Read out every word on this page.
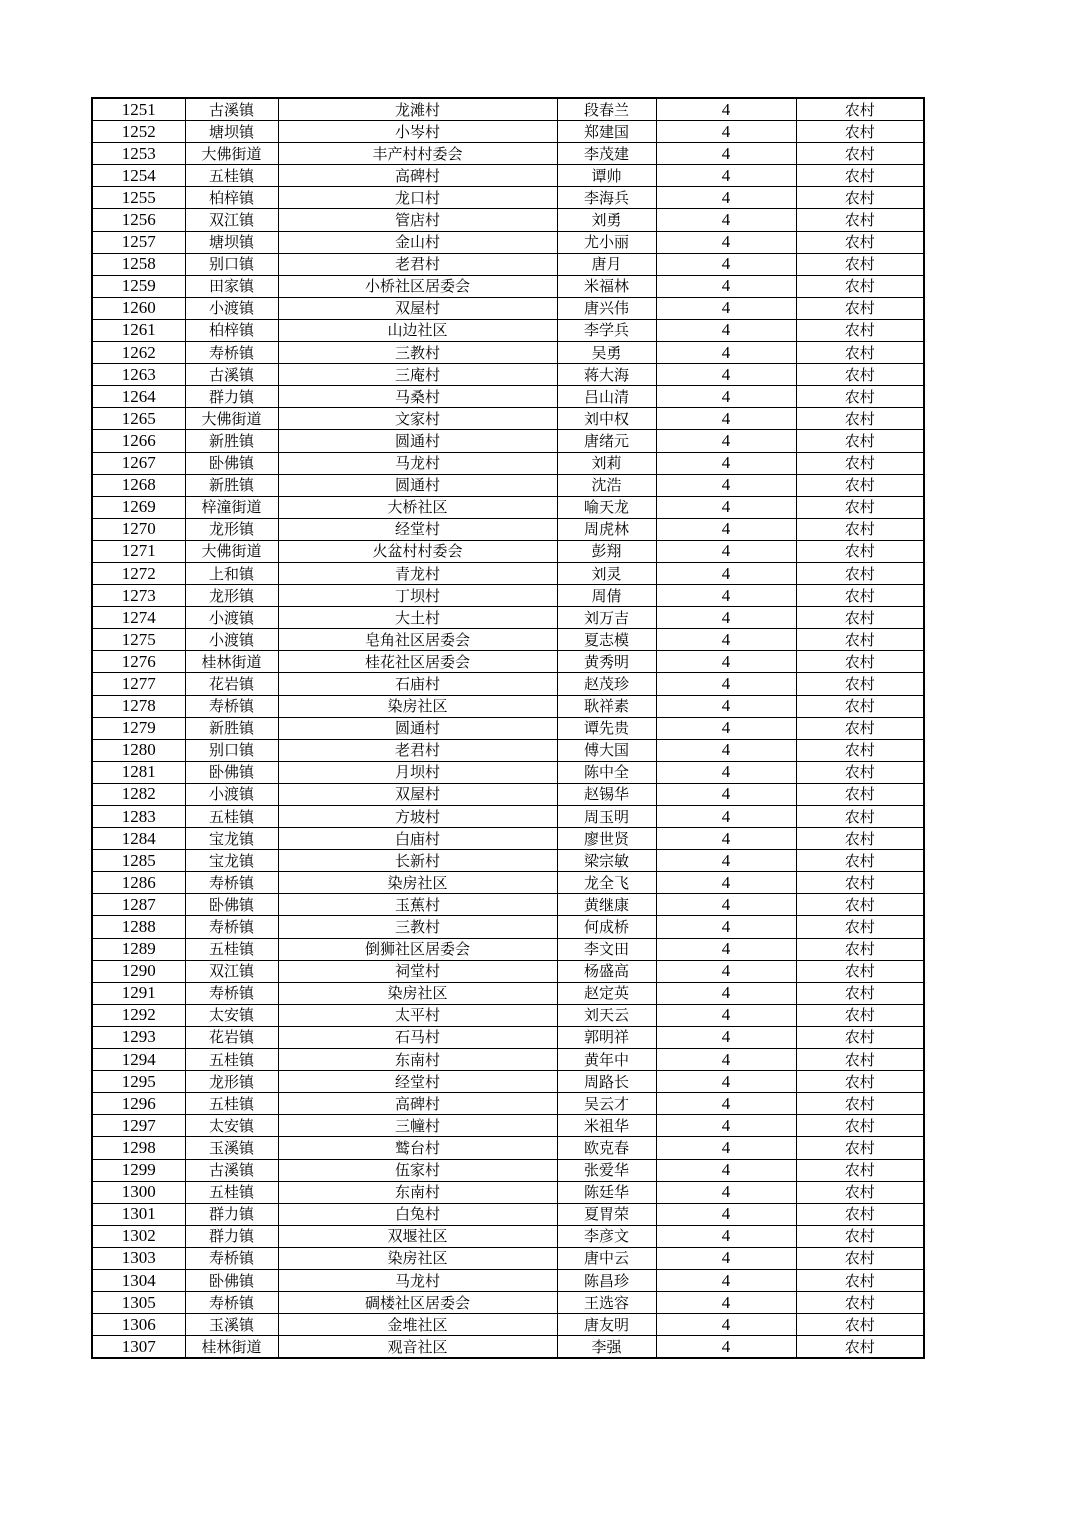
1251	古溪镇	龙滩村	段春兰	4	农村
1252	塘坝镇	小岑村	郑建国	4	农村
1253	大佛街道	丰产村村委会	李茂建	4	农村
1254	五桂镇	高碑村	谭帅	4	农村
1255	柏梓镇	龙口村	李海兵	4	农村
1256	双江镇	管店村	刘勇	4	农村
1257	塘坝镇	金山村	尤小丽	4	农村
1258	别口镇	老君村	唐月	4	农村
1259	田家镇	小桥社区居委会	米福林	4	农村
1260	小渡镇	双屋村	唐兴伟	4	农村
1261	柏梓镇	山边社区	李学兵	4	农村
1262	寿桥镇	三教村	吴勇	4	农村
1263	古溪镇	三庵村	蒋大海	4	农村
1264	群力镇	马桑村	吕山清	4	农村
1265	大佛街道	文家村	刘中权	4	农村
1266	新胜镇	圆通村	唐绪元	4	农村
1267	卧佛镇	马龙村	刘莉	4	农村
1268	新胜镇	圆通村	沈浩	4	农村
1269	梓潼街道	大桥社区	喻天龙	4	农村
1270	龙形镇	经堂村	周虎林	4	农村
1271	大佛街道	火盆村村委会	彭翔	4	农村
1272	上和镇	青龙村	刘灵	4	农村
1273	龙形镇	丁坝村	周倩	4	农村
1274	小渡镇	大土村	刘万吉	4	农村
1275	小渡镇	皂角社区居委会	夏志模	4	农村
1276	桂林街道	桂花社区居委会	黄秀明	4	农村
1277	花岩镇	石庙村	赵茂珍	4	农村
1278	寿桥镇	染房社区	耿祥素	4	农村
1279	新胜镇	圆通村	谭先贵	4	农村
1280	别口镇	老君村	傅大国	4	农村
1281	卧佛镇	月坝村	陈中全	4	农村
1282	小渡镇	双屋村	赵锡华	4	农村
1283	五桂镇	方坡村	周玉明	4	农村
1284	宝龙镇	白庙村	廖世贤	4	农村
1285	宝龙镇	长新村	梁宗敏	4	农村
1286	寿桥镇	染房社区	龙全飞	4	农村
1287	卧佛镇	玉蕉村	黄继康	4	农村
1288	寿桥镇	三教村	何成桥	4	农村
1289	五桂镇	倒狮社区居委会	李文田	4	农村
1290	双江镇	祠堂村	杨盛高	4	农村
1291	寿桥镇	染房社区	赵定英	4	农村
1292	太安镇	太平村	刘天云	4	农村
1293	花岩镇	石马村	郭明祥	4	农村
1294	五桂镇	东南村	黄年中	4	农村
1295	龙形镇	经堂村	周路长	4	农村
1296	五桂镇	高碑村	吴云才	4	农村
1297	太安镇	三幢村	米祖华	4	农村
1298	玉溪镇	鹫台村	欧克春	4	农村
1299	古溪镇	伍家村	张爱华	4	农村
1300	五桂镇	东南村	陈廷华	4	农村
1301	群力镇	白兔村	夏胃荣	4	农村
1302	群力镇	双堰社区	李彦文	4	农村
1303	寿桥镇	染房社区	唐中云	4	农村
1304	卧佛镇	马龙村	陈昌珍	4	农村
1305	寿桥镇	碉楼社区居委会	王选容	4	农村
1306	玉溪镇	金堆社区	唐友明	4	农村
1307	桂林街道	观音社区	李强	4	农村
